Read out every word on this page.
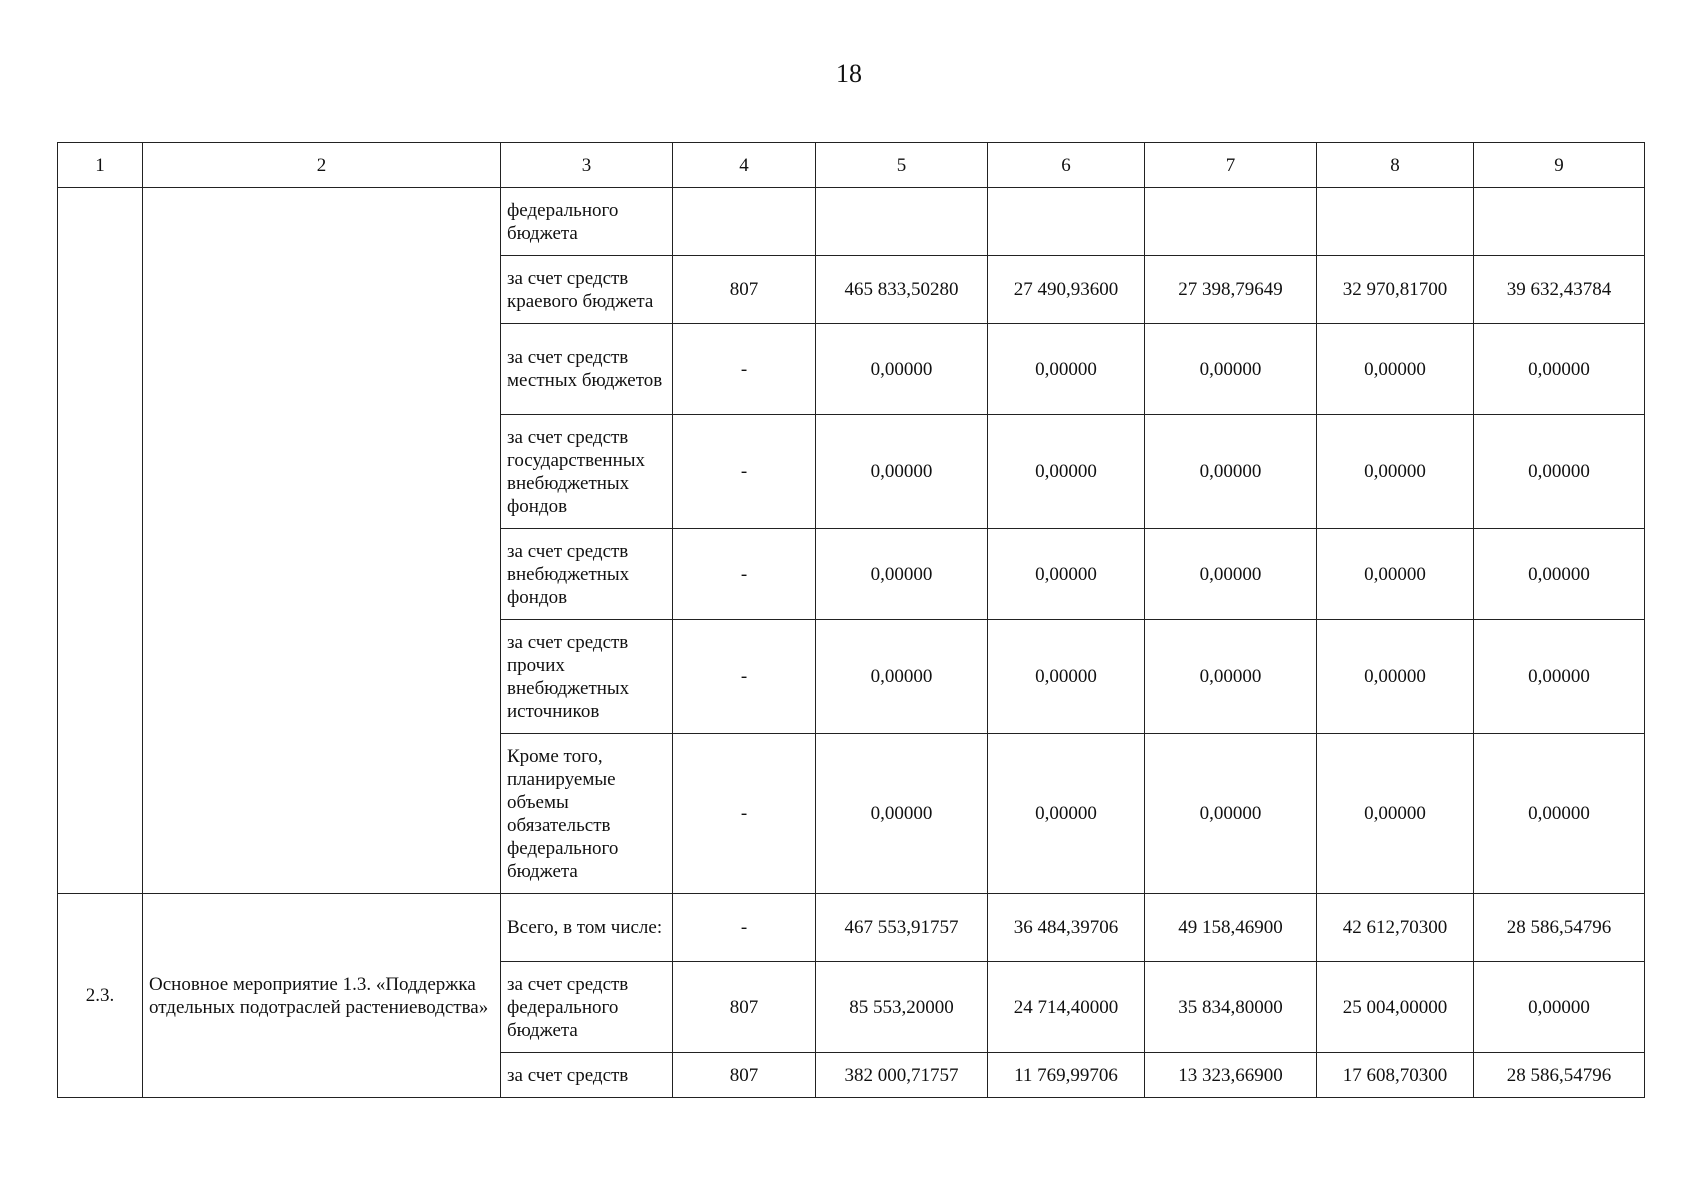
18
1	2	3	4	5	6	7	8	9
		федерального бюджета						
		за счет средств краевого бюджета	807	465 833,50280	27 490,93600	27 398,79649	32 970,81700	39 632,43784
		за счет средств местных бюджетов	-	0,00000	0,00000	0,00000	0,00000	0,00000
		за счет средств государственных внебюджетных фондов	-	0,00000	0,00000	0,00000	0,00000	0,00000
		за счет средств внебюджетных фондов	-	0,00000	0,00000	0,00000	0,00000	0,00000
		за счет средств прочих внебюджетных источников	-	0,00000	0,00000	0,00000	0,00000	0,00000
		Кроме того, планируемые объемы обязательств федерального бюджета	-	0,00000	0,00000	0,00000	0,00000	0,00000
2.3.	Основное мероприятие 1.3. «Поддержка отдельных подотраслей растениеводства»	Всего, в том числе:	-	467 553,91757	36 484,39706	49 158,46900	42 612,70300	28 586,54796
		за счет средств федерального бюджета	807	85 553,20000	24 714,40000	35 834,80000	25 004,00000	0,00000
		за счет средств	807	382 000,71757	11 769,99706	13 323,66900	17 608,70300	28 586,54796
